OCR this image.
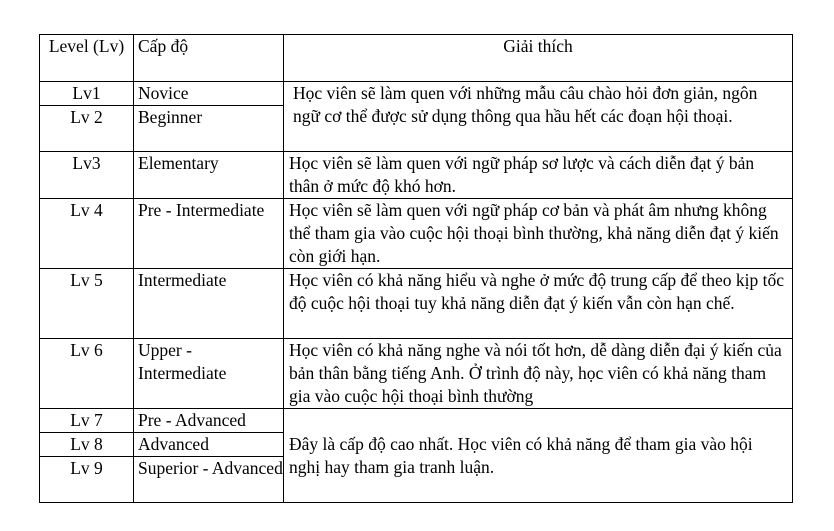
Level (Lv)	Cấp độ	Giải thích
Lv1	Novice	Học viên sẽ làm quen với những mẫu câu chào hỏi đơn giản, ngôn ngữ cơ thể được sử dụng thông qua hầu hết các đoạn hội thoại.
Lv 2	Beginner	
Lv3	Elementary	Học viên sẽ làm quen với ngữ pháp sơ lược và cách diễn đạt ý bản thân ở mức độ khó hơn.
Lv 4	Pre - Intermediate	Học viên sẽ làm quen với ngữ pháp cơ bản và phát âm nhưng không thể tham gia vào cuộc hội thoại bình thường, khả năng diễn đạt ý kiến còn giới hạn.
Lv 5	Intermediate	Học viên có khả năng hiểu và nghe ở mức độ trung cấp để theo kịp tốc độ cuộc hội thoại tuy khả năng diễn đạt ý kiến vẫn còn hạn chế.
Lv 6	Upper - Intermediate	Học viên có khả năng nghe và nói tốt hơn, dễ dàng diễn đại ý kiến của bản thân bằng tiếng Anh. Ở trình độ này, học viên có khả năng tham gia vào cuộc hội thoại bình thường
Lv 7	Pre - Advanced	Đây là cấp độ cao nhất. Học viên có khả năng để tham gia vào hội nghị hay tham gia tranh luận.
Lv 8	Advanced	
Lv 9	Superior - Advanced	
